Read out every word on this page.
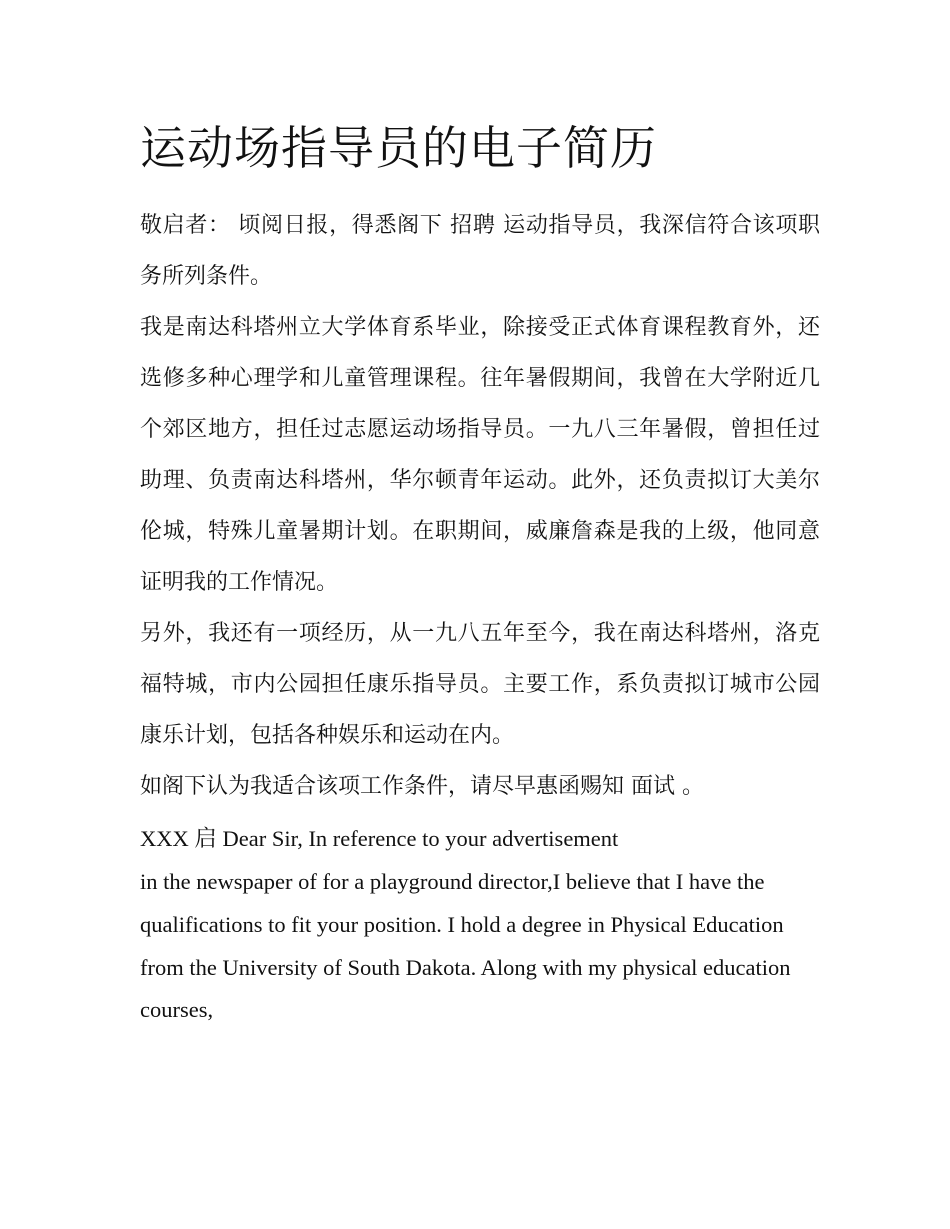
运动场指导员的电子简历

敬启者： 顷阅日报，得悉阁下 招聘 运动指导员，我深信符合该项职务所列条件。

我是南达科塔州立大学体育系毕业，除接受正式体育课程教育外，还选修多种心理学和儿童管理课程。往年暑假期间，我曾在大学附近几个郊区地方，担任过志愿运动场指导员。一九八三年暑假，曾担任过助理、负责南达科塔州，华尔顿青年运动。此外，还负责拟订大美尔伦城，特殊儿童暑期计划。在职期间，威廉詹森是我的上级，他同意证明我的工作情况。

另外，我还有一项经历，从一九八五年至今，我在南达科塔州，洛克福特城，市内公园担任康乐指导员。主要工作，系负责拟订城市公园康乐计划，包括各种娱乐和运动在内。

如阁下认为我适合该项工作条件，请尽早惠函赐知 面试 。

XXX 启 Dear Sir, In reference to your advertisement

in the newspaper of for a playground director,I believe that I have the

qualifications to fit your position. I hold a degree in Physical Education

from the University of South Dakota. Along with my physical education courses,
